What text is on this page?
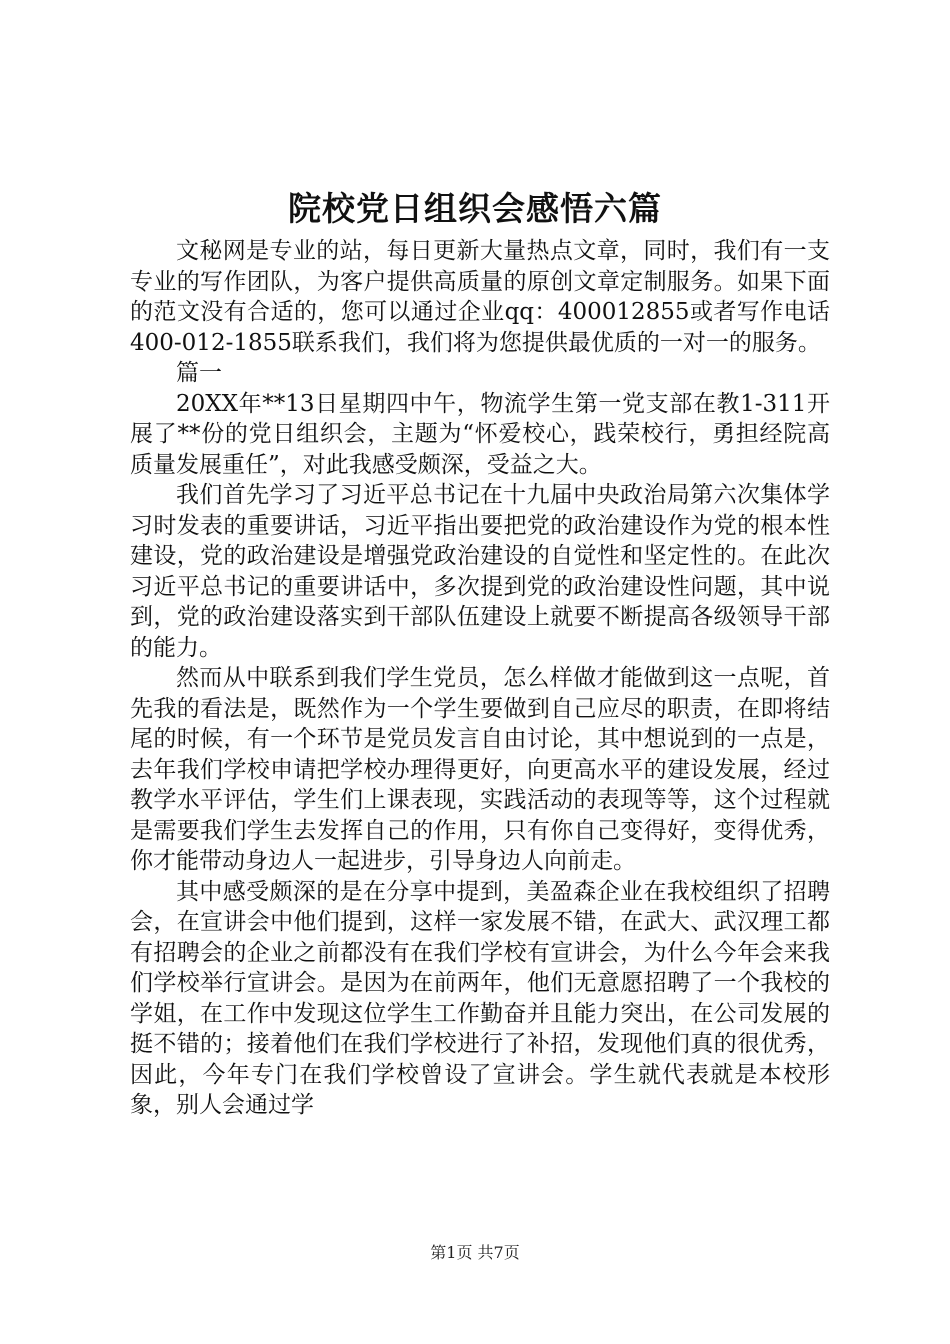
院校党日组织会感悟六篇

文秘网是专业的站，每日更新大量热点文章，同时，我们有一支专业的写作团队，为客户提供高质量的原创文章定制服务。如果下面的范文没有合适的，您可以通过企业qq：400012855或者写作电话400-012-1855联系我们，我们将为您提供最优质的一对一的服务。

篇一

20XX年**13日星期四中午，物流学生第一党支部在教1-311开展了**份的党日组织会，主题为“怀爱校心，践荣校行，勇担经院高质量发展重任”，对此我感受颇深，受益之大。

我们首先学习了习近平总书记在十九届中央政治局第六次集体学习时发表的重要讲话，习近平指出要把党的政治建设作为党的根本性建设，党的政治建设是增强党政治建设的自觉性和坚定性的。在此次习近平总书记的重要讲话中，多次提到党的政治建设性问题，其中说到，党的政治建设落实到干部队伍建设上就要不断提高各级领导干部的能力。

然而从中联系到我们学生党员，怎么样做才能做到这一点呢，首先我的看法是，既然作为一个学生要做到自己应尽的职责，在即将结尾的时候，有一个环节是党员发言自由讨论，其中想说到的一点是，去年我们学校申请把学校办理得更好，向更高水平的建设发展，经过教学水平评估，学生们上课表现，实践活动的表现等等，这个过程就是需要我们学生去发挥自己的作用，只有你自己变得好，变得优秀，你才能带动身边人一起进步，引导身边人向前走。

其中感受颇深的是在分享中提到，美盈森企业在我校组织了招聘会，在宣讲会中他们提到，这样一家发展不错，在武大、武汉理工都有招聘会的企业之前都没有在我们学校有宣讲会，为什么今年会来我们学校举行宣讲会。是因为在前两年，他们无意愿招聘了一个我校的学姐，在工作中发现这位学生工作勤奋并且能力突出，在公司发展的挺不错的；接着他们在我们学校进行了补招，发现他们真的很优秀，因此，今年专门在我们学校曾设了宣讲会。学生就代表就是本校形象，别人会通过学

第1页 共7页
